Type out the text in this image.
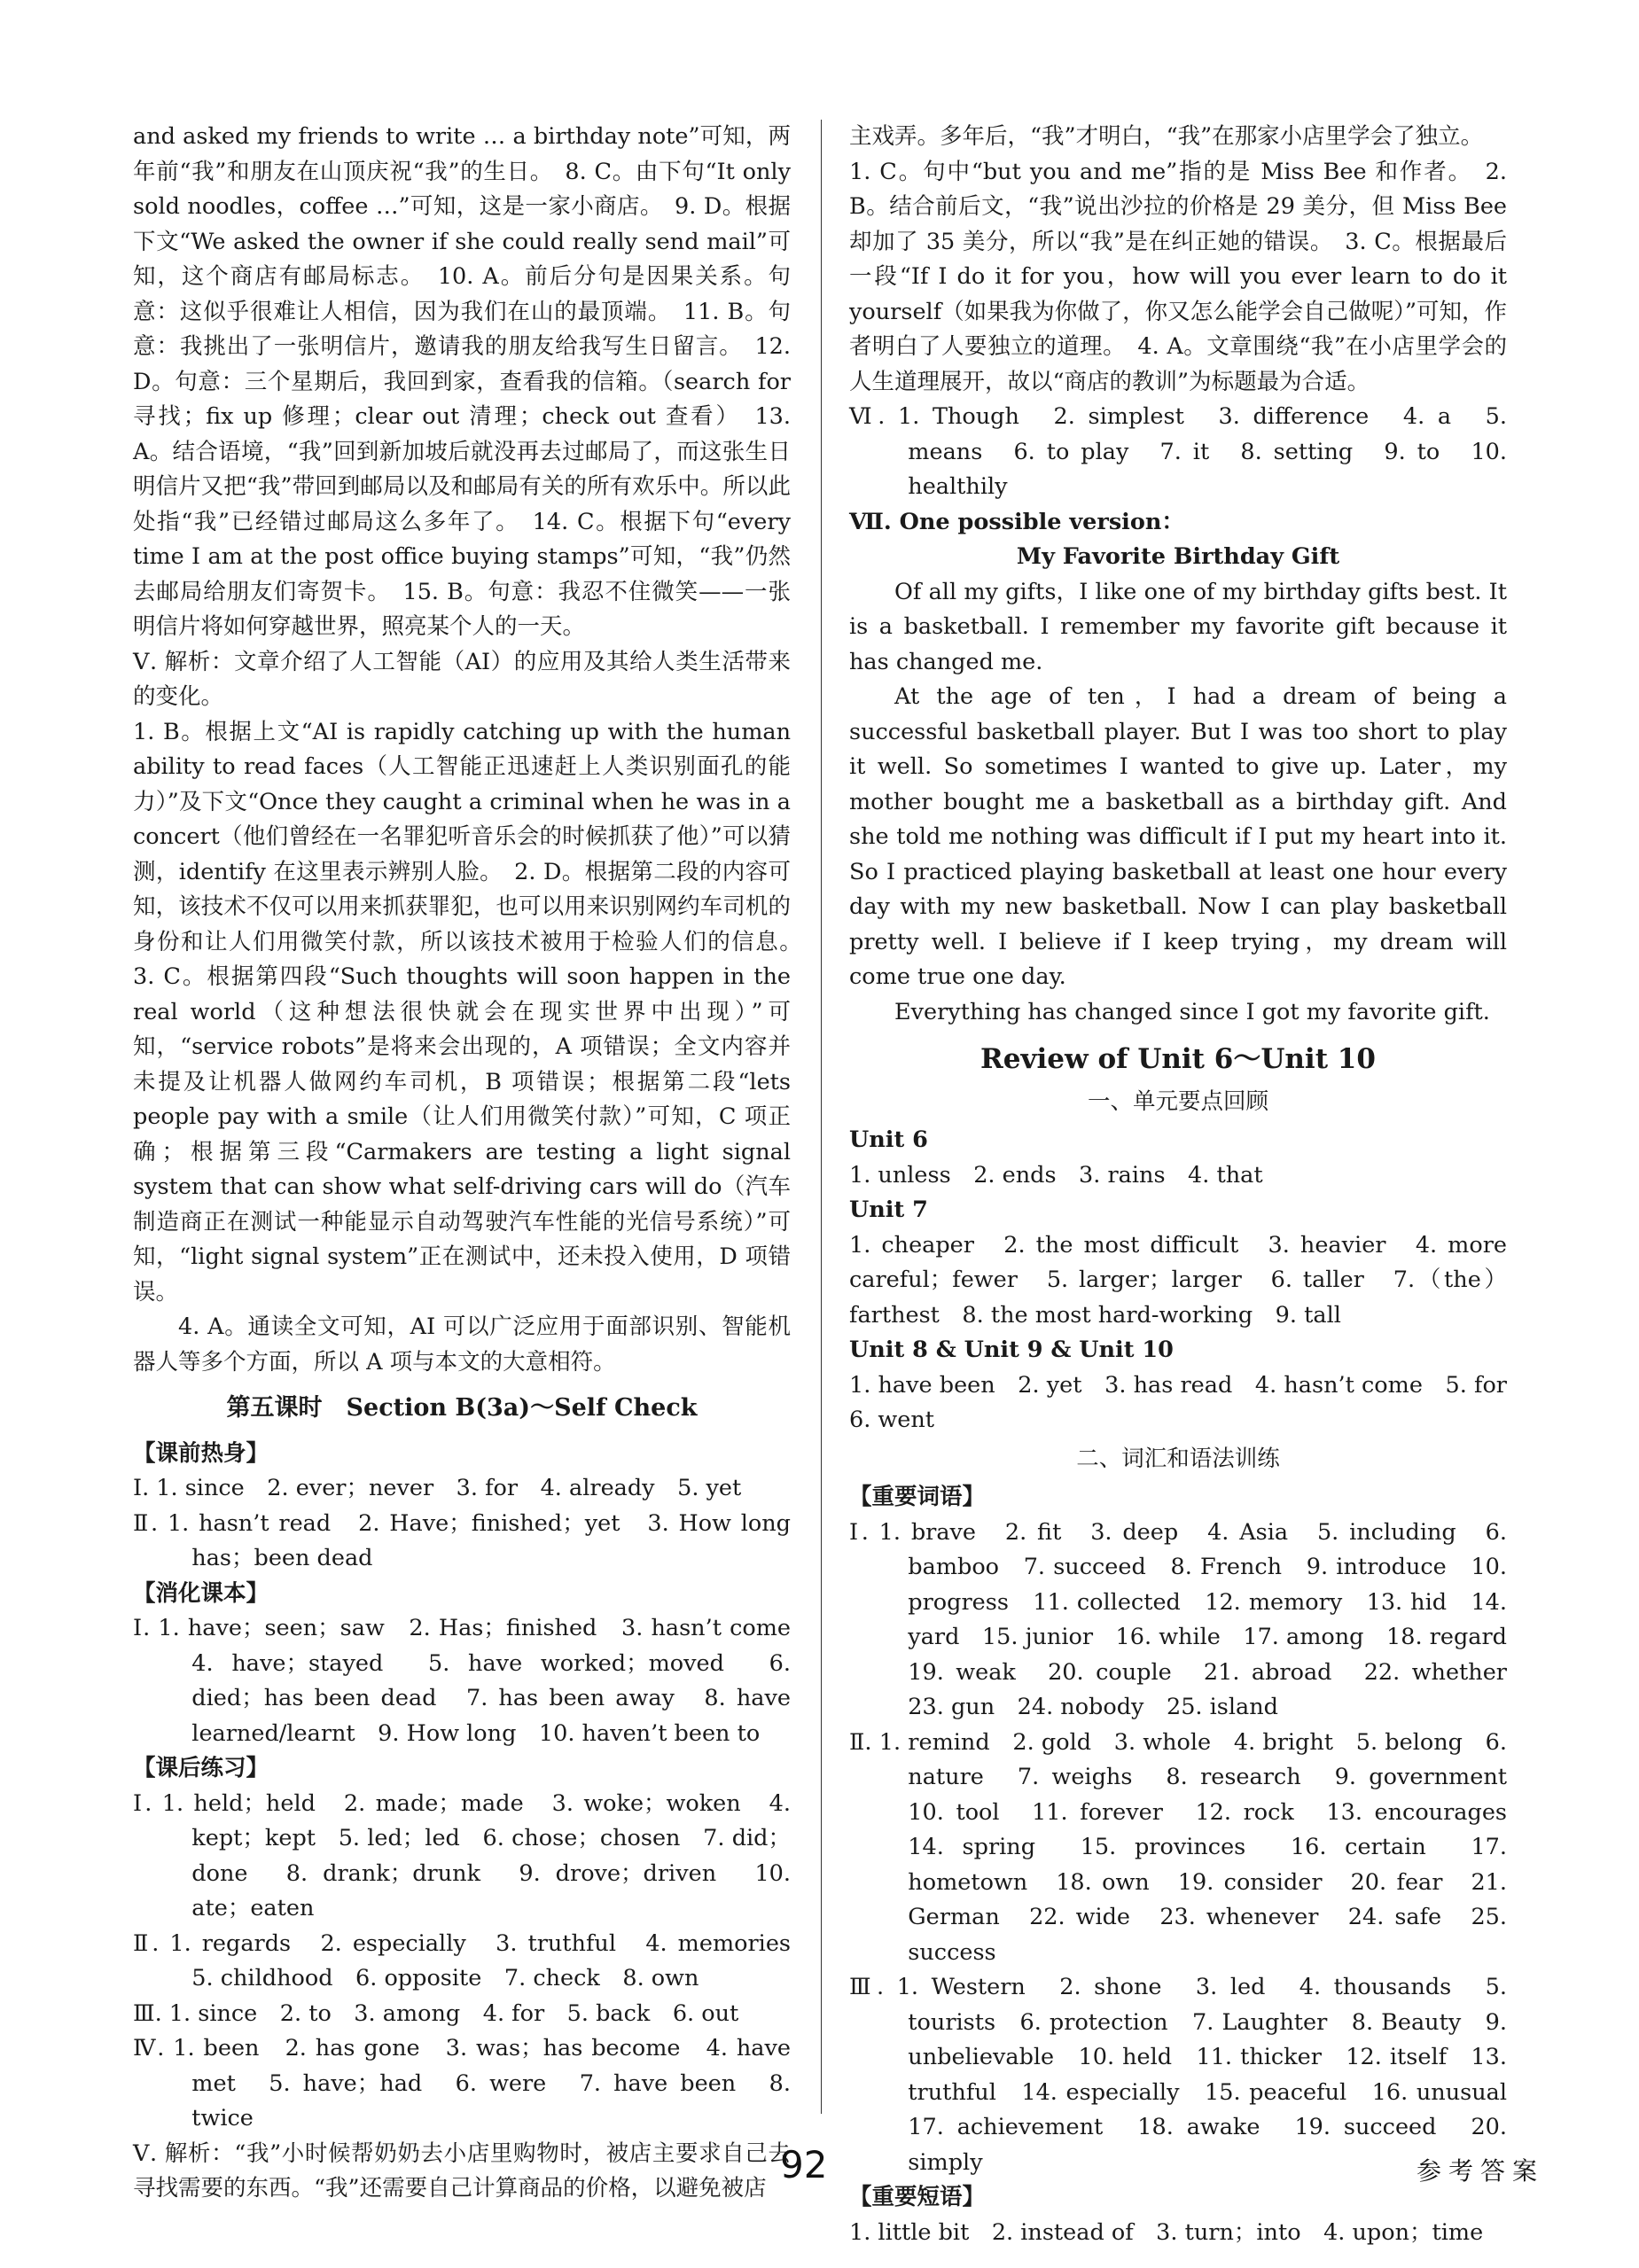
and asked my friends to write … a birthday note”可知，两年前“我”和朋友在山顶庆祝“我”的生日。　8. C。由下句“It only sold noodles，coffee …”可知，这是一家小商店。　9. D。根据下文“We asked the owner if she could really send mail”可知，这个商店有邮局标志。　10. A。前后分句是因果关系。句意：这似乎很难让人相信，因为我们在山的最顶端。　11. B。句意：我挑出了一张明信片，邀请我的朋友给我写生日留言。　12. D。句意：三个星期后，我回到家，查看我的信箱。（search for 寻找；fix up 修理；clear out 清理；check out 查看）　13. A。结合语境，“我”回到新加坡后就没再去过邮局了，而这张生日明信片又把“我”带回到邮局以及和邮局有关的所有欢乐中。所以此处指“我”已经错过邮局这么多年了。　14. C。根据下句“every time I am at the post office buying stamps”可知，“我”仍然去邮局给朋友们寄贺卡。　15. B。句意：我忍不住微笑——一张明信片将如何穿越世界，照亮某个人的一天。

Ⅴ. 解析：文章介绍了人工智能（AI）的应用及其给人类生活带来的变化。

1. B。根据上文“AI is rapidly catching up with the human ability to read faces（人工智能正迅速赶上人类识别面孔的能力）”及下文“Once they caught a criminal when he was in a concert（他们曾经在一名罪犯听音乐会的时候抓获了他）”可以猜测，identify 在这里表示辨别人脸。　2. D。根据第二段的内容可知，该技术不仅可以用来抓获罪犯，也可以用来识别网约车司机的身份和让人们用微笑付款，所以该技术被用于检验人们的信息。　3. C。根据第四段“Such thoughts will soon happen in the real world（这种想法很快就会在现实世界中出现）”可知，“service robots”是将来会出现的，A 项错误；全文内容并未提及让机器人做网约车司机，B 项错误；根据第二段“lets people pay with a smile（让人们用微笑付款）”可知，C 项正确；根据第三段“Carmakers are testing a light signal system that can show what self-driving cars will do（汽车制造商正在测试一种能显示自动驾驶汽车性能的光信号系统）”可知，“light signal system”正在测试中，还未投入使用，D 项错误。

4. A。通读全文可知，AI 可以广泛应用于面部识别、智能机器人等多个方面，所以 A 项与本文的大意相符。

第五课时　Section B(3a)～Self Check

【课前热身】

Ⅰ. 1. since　2. ever；never　3. for　4. already　5. yet

Ⅱ. 1. hasn’t read　2. Have；finished；yet　3. How long has；been dead

【消化课本】

Ⅰ. 1. have；seen；saw　2. Has；finished　3. hasn’t come　4. have；stayed　5. have worked；moved　6. died；has been dead　7. has been away　8. have learned/learnt　9. How long　10. haven’t been to

【课后练习】

Ⅰ. 1. held；held　2. made；made　3. woke；woken　4. kept；kept　5. led；led　6. chose；chosen　7. did；done　8. drank；drunk　9. drove；driven　10. ate；eaten

Ⅱ. 1. regards　2. especially　3. truthful　4. memories　5. childhood　6. opposite　7. check　8. own

Ⅲ. 1. since　2. to　3. among　4. for　5. back　6. out

Ⅳ. 1. been　2. has gone　3. was；has become　4. have met　5. have；had　6. were　7. have been　8. twice

Ⅴ. 解析：“我”小时候帮奶奶去小店里购物时，被店主要求自己去寻找需要的东西。“我”还需要自己计算商品的价格，以避免被店

主戏弄。多年后，“我”才明白，“我”在那家小店里学会了独立。

1. C。句中“but you and me”指的是 Miss Bee 和作者。　2. B。结合前后文，“我”说出沙拉的价格是 29 美分，但 Miss Bee 却加了 35 美分，所以“我”是在纠正她的错误。　3. C。根据最后一段“If I do it for you，how will you ever learn to do it yourself（如果我为你做了，你又怎么能学会自己做呢）”可知，作者明白了人要独立的道理。　4. A。文章围绕“我”在小店里学会的人生道理展开，故以“商店的教训”为标题最为合适。

Ⅵ. 1. Though　2. simplest　3. difference　4. a　5. means　6. to play　7. it　8. setting　9. to　10. healthily

Ⅶ. One possible version：

My Favorite Birthday Gift

Of all my gifts，I like one of my birthday gifts best. It is a basketball. I remember my favorite gift because it has changed me.

At the age of ten，I had a dream of being a successful basketball player. But I was too short to play it well. So sometimes I wanted to give up. Later，my mother bought me a basketball as a birthday gift. And she told me nothing was difficult if I put my heart into it. So I practiced playing basketball at least one hour every day with my new basketball. Now I can play basketball pretty well. I believe if I keep trying，my dream will come true one day.

Everything has changed since I got my favorite gift.

Review of Unit 6～Unit 10
一、单元要点回顾

Unit 6

1. unless　2. ends　3. rains　4. that

Unit 7

1. cheaper　2. the most difficult　3. heavier　4. more careful；fewer　5. larger；larger　6. taller　7.（the）farthest　8. the most hard-working　9. tall

Unit 8 & Unit 9 & Unit 10

1. have been　2. yet　3. has read　4. hasn’t come　5. for　6. went

二、词汇和语法训练

【重要词语】

Ⅰ. 1. brave　2. fit　3. deep　4. Asia　5. including　6. bamboo　7. succeed　8. French　9. introduce　10. progress　11. collected　12. memory　13. hid　14. yard　15. junior　16. while　17. among　18. regard　19. weak　20. couple　21. abroad　22. whether　23. gun　24. nobody　25. island

Ⅱ. 1. remind　2. gold　3. whole　4. bright　5. belong　6. nature　7. weighs　8. research　9. government　10. tool　11. forever　12. rock　13. encourages　14. spring　15. provinces　16. certain　17. hometown　18. own　19. consider　20. fear　21. German　22. wide　23. whenever　24. safe　25. success

Ⅲ. 1. Western　2. shone　3. led　4. thousands　5. tourists　6. protection　7. Laughter　8. Beauty　9. unbelievable　10. held　11. thicker　12. itself　13. truthful　14. especially　15. peaceful　16. unusual　17. achievement　18. awake　19. succeed　20. simply

【重要短语】

1. little bit　2. instead of　3. turn；into　4. upon；time

92	参考答案
